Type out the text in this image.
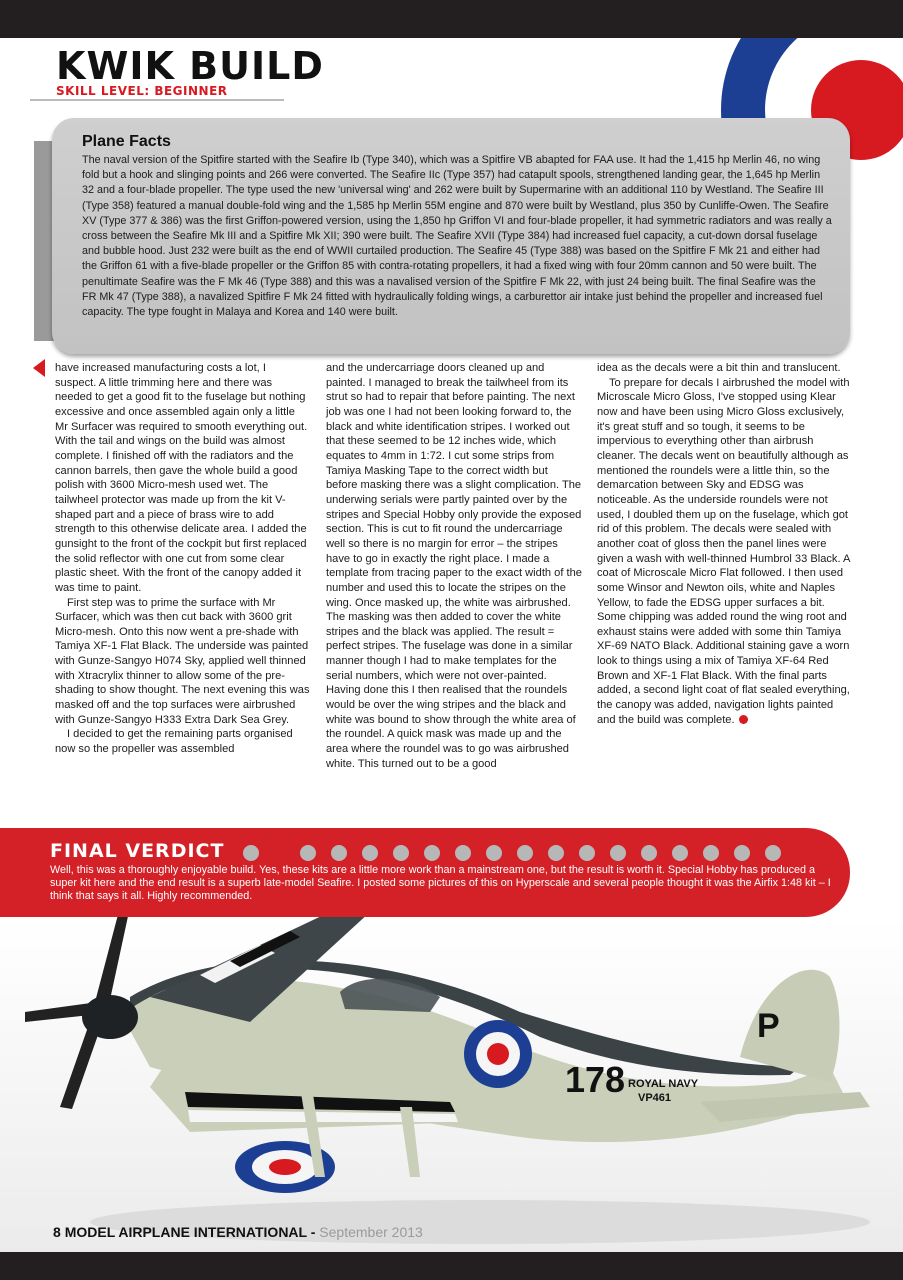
KWIK BUILD
SKILL LEVEL: BEGINNER
Plane Facts
The naval version of the Spitfire started with the Seafire Ib (Type 340), which was a Spitfire VB abapted for FAA use. It had the 1,415 hp Merlin 46, no wing fold but a hook and slinging points and 266 were converted. The Seafire IIc (Type 357) had catapult spools, strengthened landing gear, the 1,645 hp Merlin 32 and a four-blade propeller. The type used the new 'universal wing' and 262 were built by Supermarine with an additional 110 by Westland. The Seafire III (Type 358) featured a manual double-fold wing and the 1,585 hp Merlin 55M engine and 870 were built by Westland, plus 350 by Cunliffe-Owen. The Seafire XV (Type 377 & 386) was the first Griffon-powered version, using the 1,850 hp Griffon VI and four-blade propeller, it had symmetric radiators and was really a cross between the Seafire Mk III and a Spitfire Mk XII; 390 were built. The Seafire XVII (Type 384) had increased fuel capacity, a cut-down dorsal fuselage and bubble hood. Just 232 were built as the end of WWII curtailed production. The Seafire 45 (Type 388) was based on the Spitfire F Mk 21 and either had the Griffon 61 with a five-blade propeller or the Griffon 85 with contra-rotating propellers, it had a fixed wing with four 20mm cannon and 50 were built. The penultimate Seafire was the F Mk 46 (Type 388) and this was a navalised version of the Spitfire F Mk 22, with just 24 being built. The final Seafire was the FR Mk 47 (Type 388), a navalized Spitfire F Mk 24 fitted with hydraulically folding wings, a carburettor air intake just behind the propeller and increased fuel capacity. The type fought in Malaya and Korea and 140 were built.

have increased manufacturing costs a lot, I suspect. A little trimming here and there was needed to get a good fit to the fuselage but nothing excessive and once assembled again only a little Mr Surfacer was required to smooth everything out. With the tail and wings on the build was almost complete. I finished off with the radiators and the cannon barrels, then gave the whole build a good polish with 3600 Micro-mesh used wet. The tailwheel protector was made up from the kit V-shaped part and a piece of brass wire to add strength to this otherwise delicate area. I added the gunsight to the front of the cockpit but first replaced the solid reflector with one cut from some clear plastic sheet. With the front of the canopy added it was time to paint.

First step was to prime the surface with Mr Surfacer, which was then cut back with 3600 grit Micro-mesh. Onto this now went a pre-shade with Tamiya XF-1 Flat Black. The underside was painted with Gunze-Sangyo H074 Sky, applied well thinned with Xtracrylix thinner to allow some of the pre-shading to show thought. The next evening this was masked off and the top surfaces were airbrushed with Gunze-Sangyo H333 Extra Dark Sea Grey.

I decided to get the remaining parts organised now so the propeller was assembled

and the undercarriage doors cleaned up and painted. I managed to break the tailwheel from its strut so had to repair that before painting. The next job was one I had not been looking forward to, the black and white identification stripes. I worked out that these seemed to be 12 inches wide, which equates to 4mm in 1:72. I cut some strips from Tamiya Masking Tape to the correct width but before masking there was a slight complication. The underwing serials were partly painted over by the stripes and Special Hobby only provide the exposed section. This is cut to fit round the undercarriage well so there is no margin for error – the stripes have to go in exactly the right place. I made a template from tracing paper to the exact width of the number and used this to locate the stripes on the wing. Once masked up, the white was airbrushed. The masking was then added to cover the white stripes and the black was applied. The result = perfect stripes. The fuselage was done in a similar manner though I had to make templates for the serial numbers, which were not over-painted. Having done this I then realised that the roundels would be over the wing stripes and the black and white was bound to show through the white area of the roundel. A quick mask was made up and the area where the roundel was to go was airbrushed white. This turned out to be a good

idea as the decals were a bit thin and translucent.

To prepare for decals I airbrushed the model with Microscale Micro Gloss, I've stopped using Klear now and have been using Micro Gloss exclusively, it's great stuff and so tough, it seems to be impervious to everything other than airbrush cleaner. The decals went on beautifully although as mentioned the roundels were a little thin, so the demarcation between Sky and EDSG was noticeable. As the underside roundels were not used, I doubled them up on the fuselage, which got rid of this problem. The decals were sealed with another coat of gloss then the panel lines were given a wash with well-thinned Humbrol 33 Black. A coat of Microscale Micro Flat followed. I then used some Winsor and Newton oils, white and Naples Yellow, to fade the EDSG upper surfaces a bit. Some chipping was added round the wing root and exhaust stains were added with some thin Tamiya XF-69 NATO Black. Additional staining gave a worn look to things using a mix of Tamiya XF-64 Red Brown and XF-1 Flat Black. With the final parts added, a second light coat of flat sealed everything, the canopy was added, navigation lights painted and the build was complete.

FINAL VERDICT
Well, this was a thoroughly enjoyable build. Yes, these kits are a little more work than a mainstream one, but the result is worth it. Special Hobby has produced a super kit here and the end result is a superb late-model Seafire. I posted some pictures of this on Hyperscale and several people thought it was the Airfix 1:48 kit – I think that says it all. Highly recommended.
P
178 ROYAL NAVY
VP461
8 MODEL AIRPLANE INTERNATIONAL - September 2013
